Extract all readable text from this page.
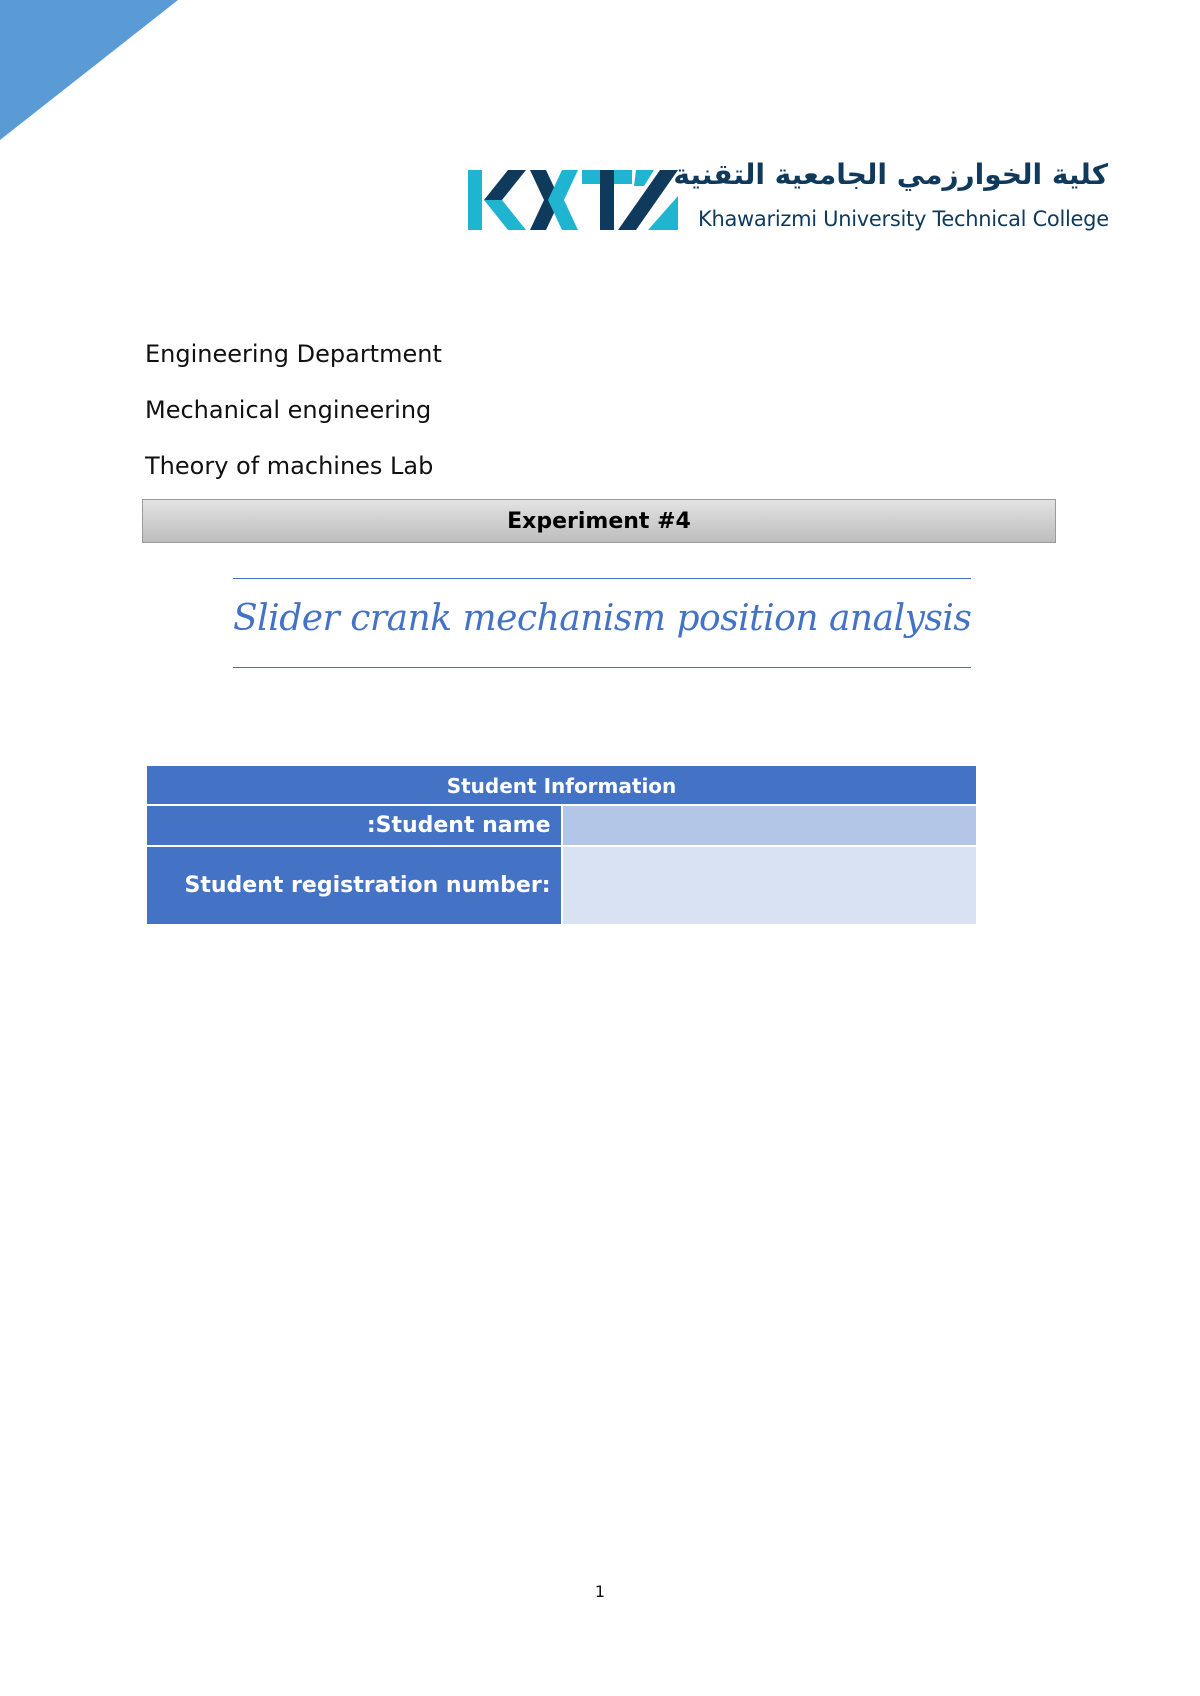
كلية الخوارزمي الجامعية التقنية
Khawarizmi University Technical College
Engineering Department
Mechanical engineering
Theory of machines Lab
Experiment #4
Slider crank mechanism position analysis
Student Information	
:Student name	
Student registration number:	
1
